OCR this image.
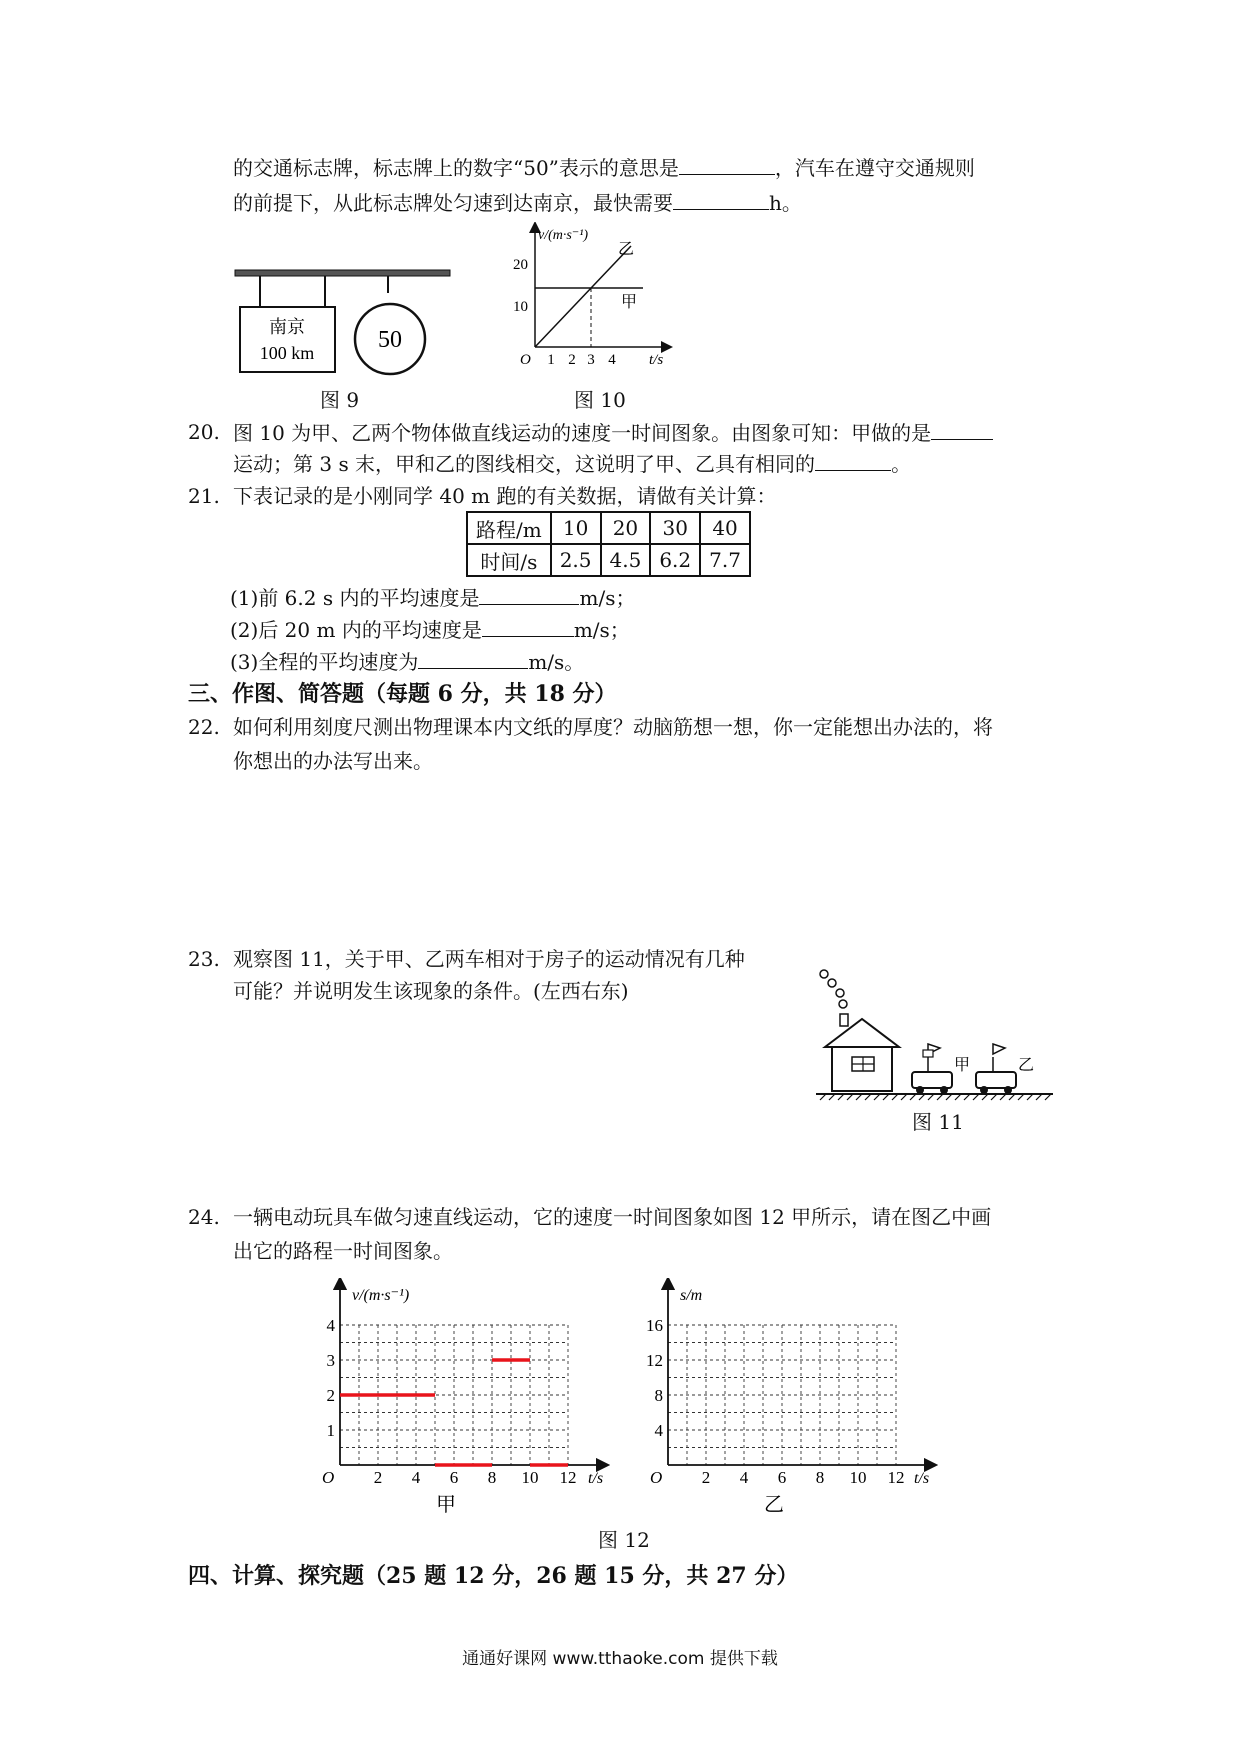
的交通标志牌，标志牌上的数字“50”表示的意思是	，汽车在遵守交通规则
的前提下，从此标志牌处匀速到达南京，最快需要	h。
南京
100 km	50
图 9
v/(m·s⁻¹)
t/s
O
20
10
1 2 3 4
乙
甲
图 10
20. 图 10 为甲、乙两个物体做直线运动的速度一时间图象。由图象可知：甲做的是
运动；第 3 s 末，甲和乙的图线相交，这说明了甲、乙具有相同的	。
21. 下表记录的是小刚同学 40 m 跑的有关数据，请做有关计算：
路程/m	10	20	30	40
时间/s	2.5	4.5	6.2	7.7
(1)前 6.2 s 内的平均速度是	m/s；
(2)后 20 m 内的平均速度是	m/s；
(3)全程的平均速度为	m/s。
三、作图、简答题（每题 6 分，共 18 分）
22. 如何利用刻度尺测出物理课本内文纸的厚度？动脑筋想一想，你一定能想出办法的，将
你想出的办法写出来。
23. 观察图 11，关于甲、乙两车相对于房子的运动情况有几种
可能？并说明发生该现象的条件。(左西右东)
甲	乙
图 11
24. 一辆电动玩具车做匀速直线运动，它的速度一时间图象如图 12 甲所示，请在图乙中画
出它的路程一时间图象。
v/(m·s⁻¹)
t/s
O
1
2
3
4
2 4 6 8 10 12
甲
s/m
t/s
O
4
8
12
16
2 4 6 8 10 12
乙
图 12
四、计算、探究题（25 题 12 分，26 题 15 分，共 27 分）
通通好课网 www.tthaoke.com 提供下载
